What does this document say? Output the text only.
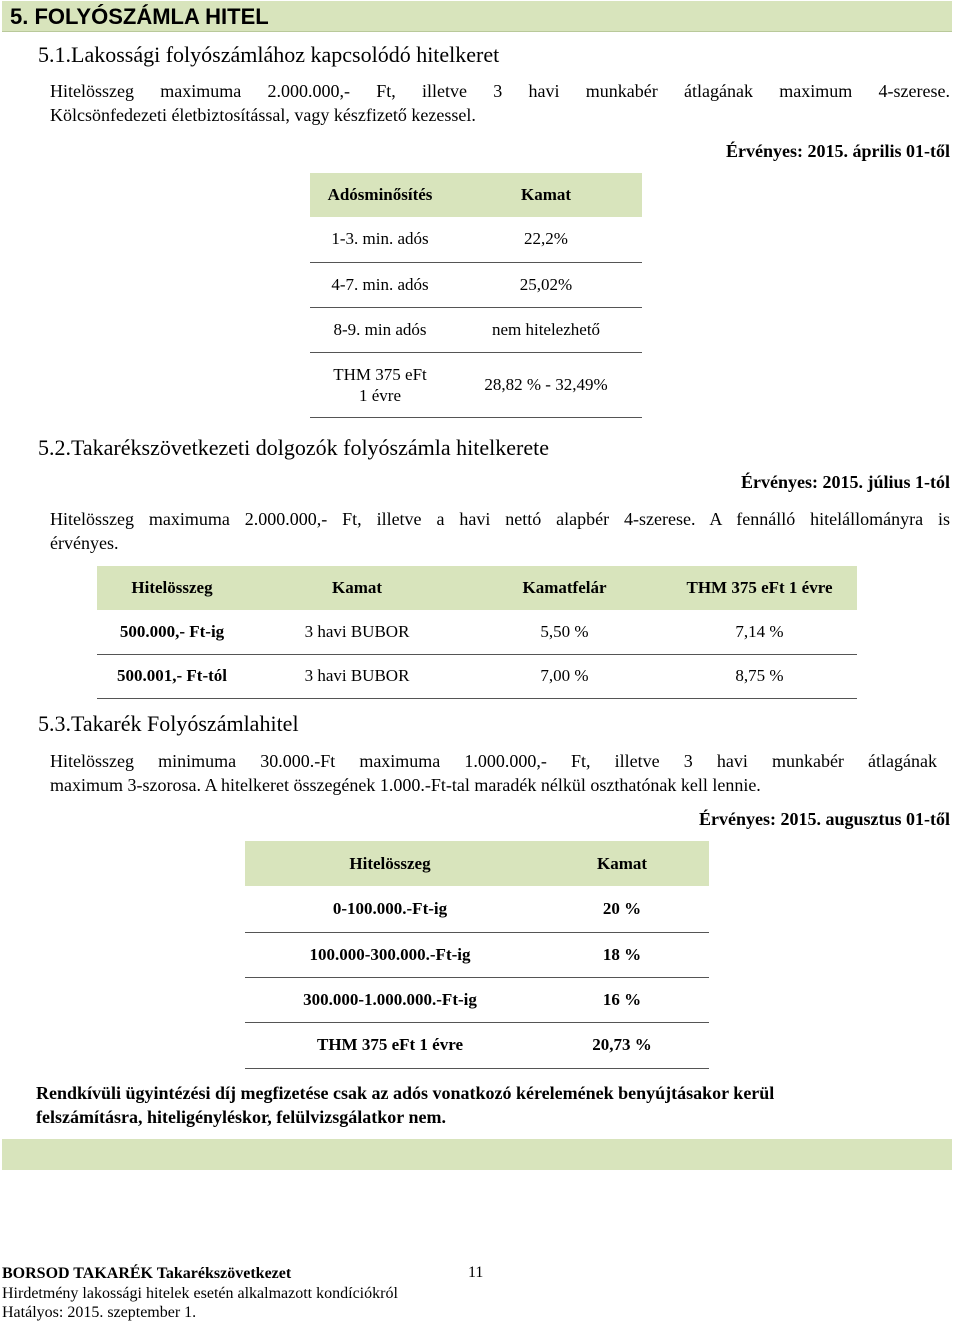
5. FOLYÓSZÁMLA HITEL
5.1.Lakossági folyószámlához kapcsolódó hitelkeret
Hitelösszeg maximuma 2.000.000,- Ft, illetve 3 havi munkabér átlagának maximum 4-szerese.
Kölcsönfedezeti életbiztosítással, vagy készfizető kezessel.
Érvényes: 2015. április 01-től
Adósminősítés	Kamat
1-3. min. adós	22,2%
4-7. min. adós	25,02%
8-9. min adós	nem hitelezhető
THM 375 eFt
1 évre	28,82 % - 32,49%
5.2.Takarékszövetkezeti dolgozók folyószámla hitelkerete
Érvényes: 2015. július 1-tól
Hitelösszeg maximuma 2.000.000,- Ft, illetve a havi nettó alapbér 4-szerese. A fennálló hitelállományra is
érvényes.
Hitelösszeg	Kamat	Kamatfelár	THM 375 eFt 1 évre
500.000,- Ft-ig	3 havi BUBOR	5,50 %	7,14 %
500.001,- Ft-tól	3 havi BUBOR	7,00 %	8,75 %
5.3.Takarék Folyószámlahitel
Hitelösszeg minimuma 30.000.-Ft maximuma 1.000.000,- Ft, illetve 3 havi munkabér átlagának
maximum 3-szorosa. A hitelkeret összegének 1.000.-Ft-tal maradék nélkül oszthatónak kell lennie.
Érvényes: 2015. augusztus 01-től
Hitelösszeg	Kamat
0-100.000.-Ft-ig	20 %
100.000-300.000.-Ft-ig	18 %
300.000-1.000.000.-Ft-ig	16 %
THM 375 eFt 1 évre	20,73 %
Rendkívüli ügyintézési díj megfizetése csak az adós vonatkozó kérelemének benyújtásakor kerül
felszámításra, hiteligényléskor, felülvizsgálatkor nem.
BORSOD TAKARÉK Takarékszövetkezet	11
Hirdetmény lakossági hitelek esetén alkalmazott kondíciókról
Hatályos: 2015. szeptember 1.
